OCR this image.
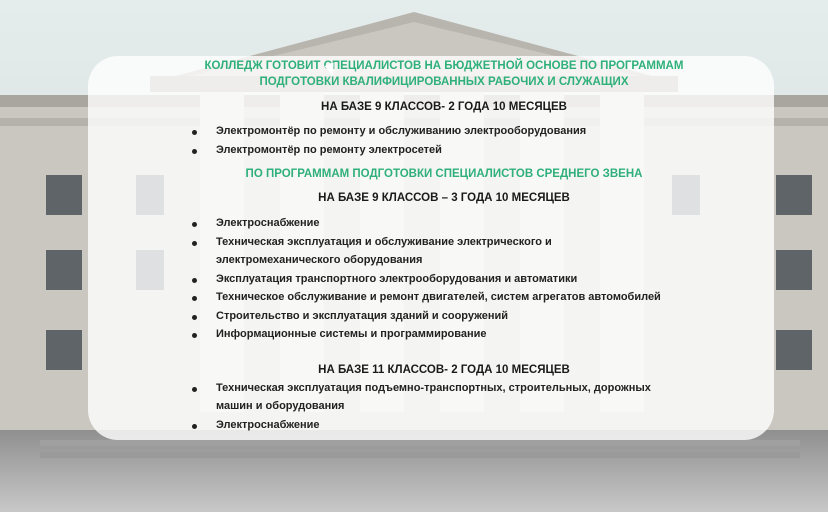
КОЛЛЕДЖ ГОТОВИТ СПЕЦИАЛИСТОВ НА БЮДЖЕТНОЙ ОСНОВЕ ПО ПРОГРАММАМ
ПОДГОТОВКИ КВАЛИФИЦИРОВАННЫХ РАБОЧИХ И СЛУЖАЩИХ
НА БАЗЕ 9 КЛАССОВ- 2 ГОДА 10 МЕСЯЦЕВ
Электромонтёр по ремонту и обслуживанию электрооборудования
Электромонтёр по ремонту электросетей
ПО ПРОГРАММАМ ПОДГОТОВКИ СПЕЦИАЛИСТОВ СРЕДНЕГО ЗВЕНА
НА БАЗЕ 9 КЛАССОВ – 3 ГОДА 10 МЕСЯЦЕВ
Электроснабжение
Техническая эксплуатация и обслуживание электрического и
электромеханического оборудования
Эксплуатация транспортного электрооборудования и автоматики
Техническое обслуживание и ремонт двигателей, систем агрегатов автомобилей
Строительство и эксплуатация зданий и сооружений
Информационные системы и программирование
НА БАЗЕ 11 КЛАССОВ- 2 ГОДА 10 МЕСЯЦЕВ
Техническая эксплуатация подъемно-транспортных, строительных, дорожных
машин и оборудования
Электроснабжение
